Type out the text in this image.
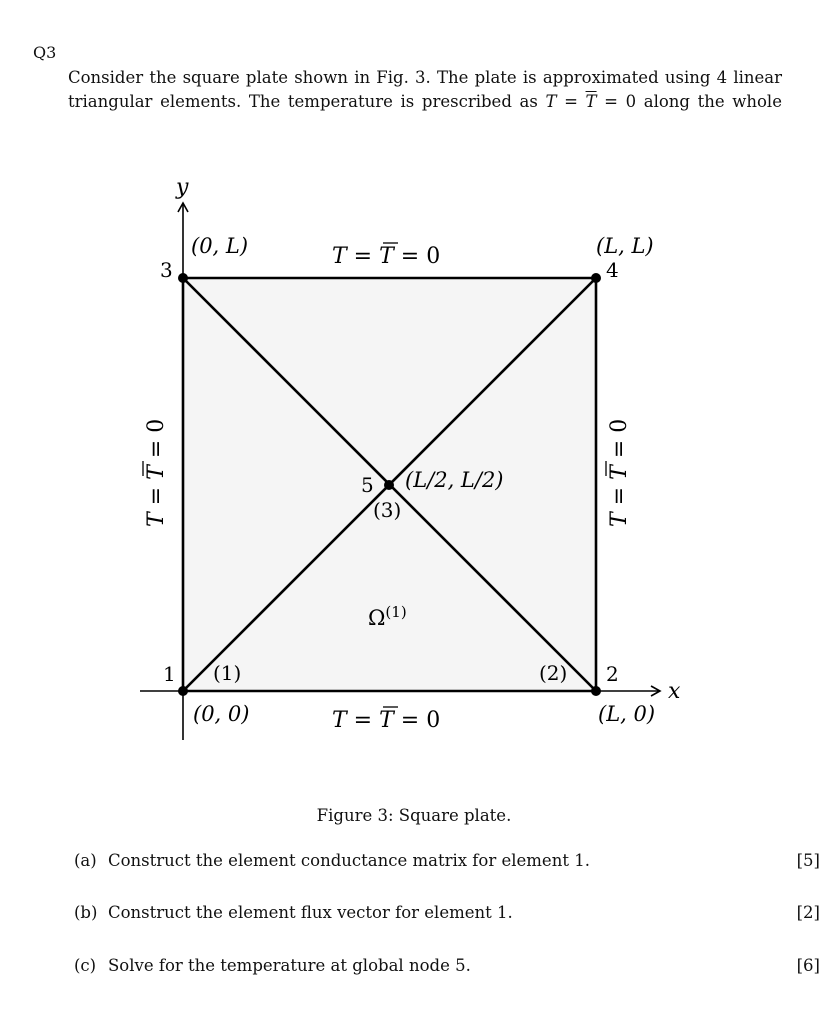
Q3
Consider the square plate shown in Fig. 3. The plate is approximated using 4 linear
triangular elements. The temperature is prescribed as $T = \overline{T} = 0$ along the whole
x
y
1	2
3	4
5
(0, 0)	(L, 0)
(0, L)	(L, L)
(L/2, L/2)
(1)	(2)
(3)
$\Omega^{(1)}$
T = T = 0
T = T = 0
T = T = 0
T = T = 0
Figure 3: Square plate.
(a) Construct the element conductance matrix for element 1.	[5]
(b) Construct the element flux vector for element 1.	[2]
(c) Solve for the temperature at global node 5.	[6]
